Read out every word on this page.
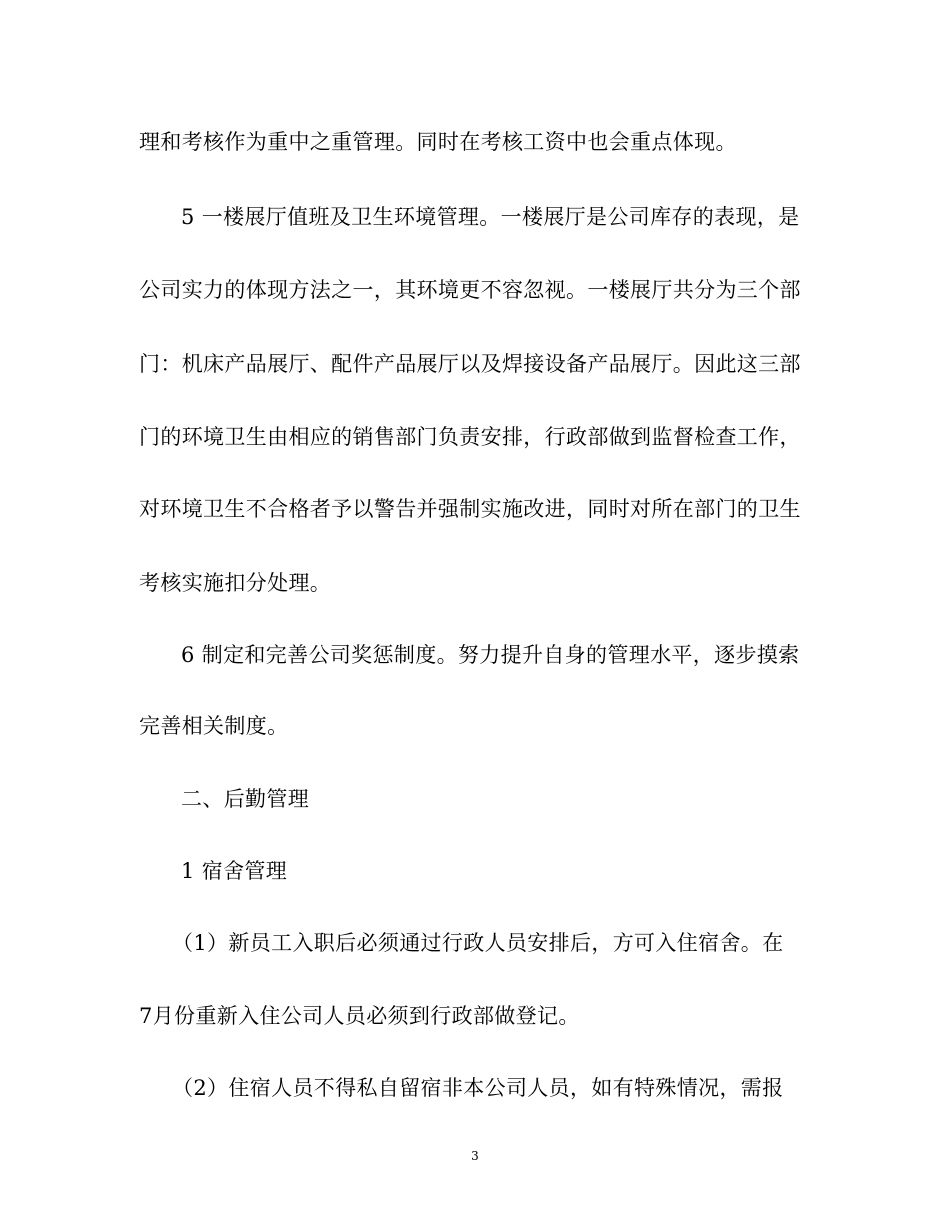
理和考核作为重中之重管理。同时在考核工资中也会重点体现。
5 一楼展厅值班及卫生环境管理。一楼展厅是公司库存的表现，是
公司实力的体现方法之一，其环境更不容忽视。一楼展厅共分为三个部
门：机床产品展厅、配件产品展厅以及焊接设备产品展厅。因此这三部
门的环境卫生由相应的销售部门负责安排，行政部做到监督检查工作，
对环境卫生不合格者予以警告并强制实施改进，同时对所在部门的卫生
考核实施扣分处理。
6 制定和完善公司奖惩制度。努力提升自身的管理水平，逐步摸索
完善相关制度。
二、后勤管理
1 宿舍管理
（1）新员工入职后必须通过行政人员安排后，方可入住宿舍。在
7月份重新入住公司人员必须到行政部做登记。
（2）住宿人员不得私自留宿非本公司人员，如有特殊情况，需报
3
